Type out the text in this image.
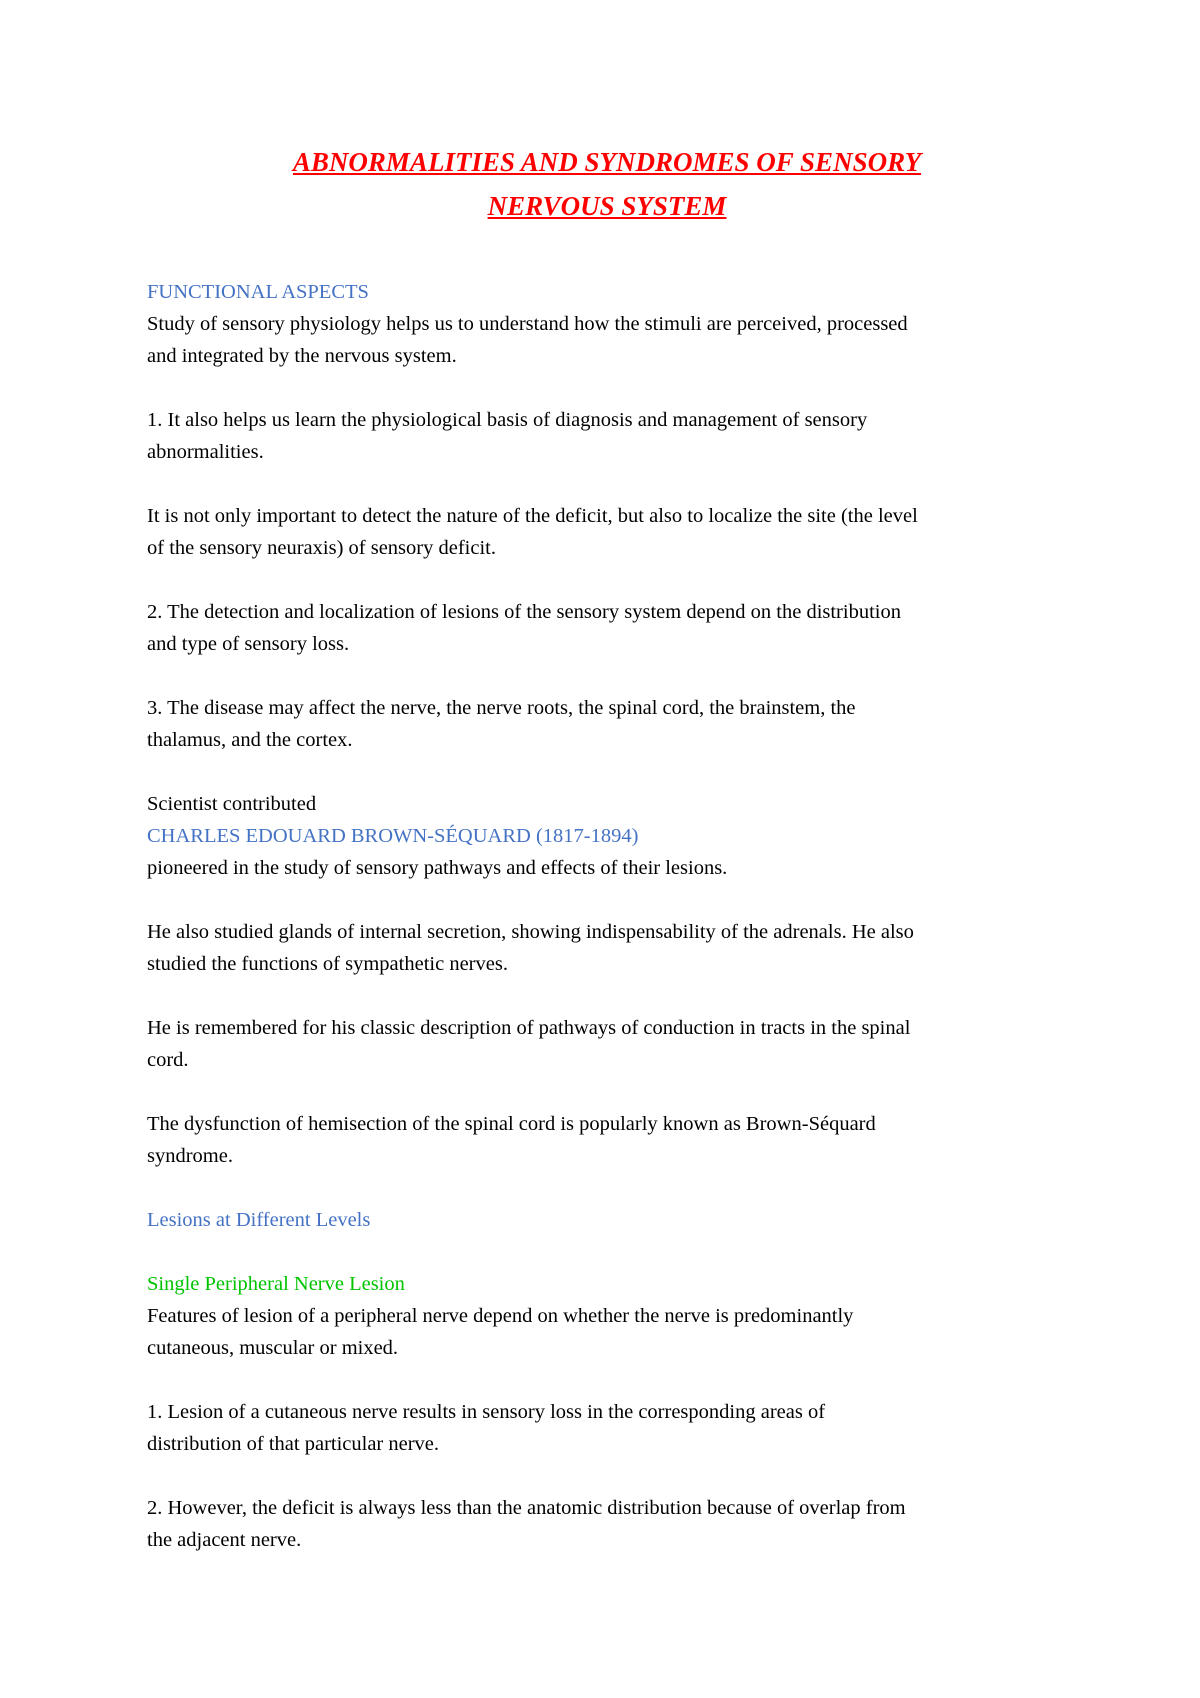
ABNORMALITIES AND SYNDROMES OF SENSORY
NERVOUS SYSTEM
FUNCTIONAL ASPECTS
Study of sensory physiology helps us to understand how the stimuli are perceived, processed
and integrated by the nervous system.
1. It also helps us learn the physiological basis of diagnosis and management of sensory
abnormalities.
It is not only important to detect the nature of the deficit, but also to localize the site (the level
of the sensory neuraxis) of sensory deficit.
2. The detection and localization of lesions of the sensory system depend on the distribution
and type of sensory loss.
3. The disease may affect the nerve, the nerve roots, the spinal cord, the brainstem, the
thalamus, and the cortex.
Scientist contributed
CHARLES EDOUARD BROWN-SÉQUARD (1817-1894)
pioneered in the study of sensory pathways and effects of their lesions.
He also studied glands of internal secretion, showing indispensability of the adrenals. He also
studied the functions of sympathetic nerves.
He is remembered for his classic description of pathways of conduction in tracts in the spinal
cord.
The dysfunction of hemisection of the spinal cord is popularly known as Brown-Séquard
syndrome.
Lesions at Different Levels
Single Peripheral Nerve Lesion
Features of lesion of a peripheral nerve depend on whether the nerve is predominantly
cutaneous, muscular or mixed.
1. Lesion of a cutaneous nerve results in sensory loss in the corresponding areas of
distribution of that particular nerve.
2. However, the deficit is always less than the anatomic distribution because of overlap from
the adjacent nerve.
